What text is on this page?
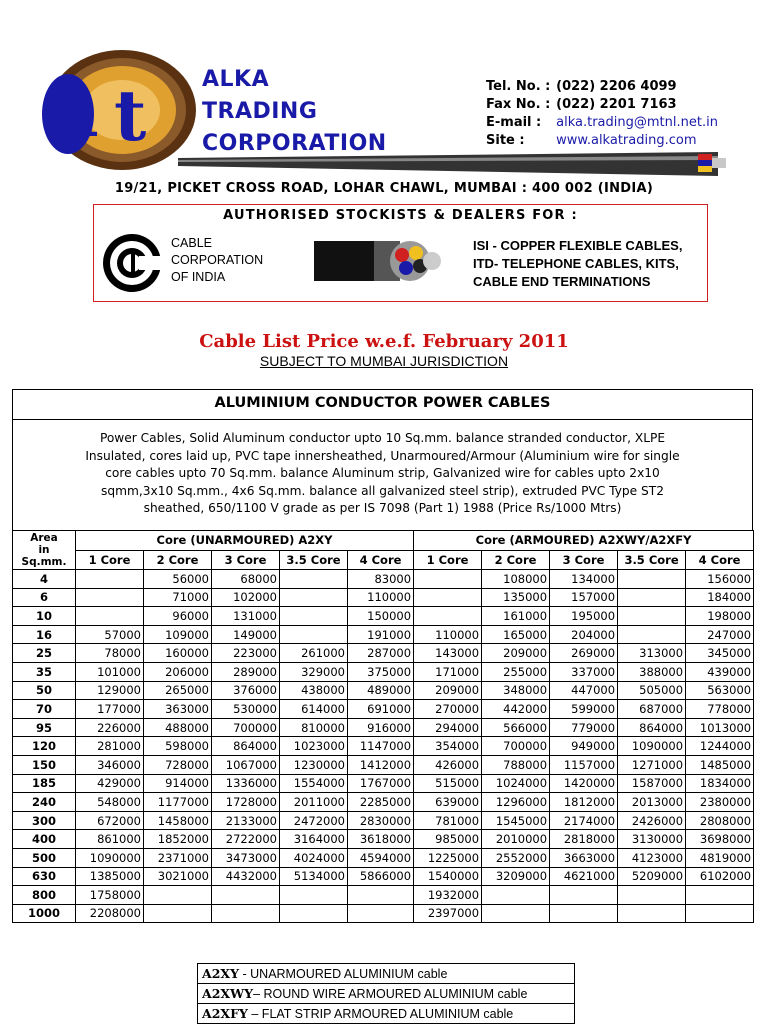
a t	ALKA
TRADING
CORPORATION
Tel. No. : (022) 2206 4099
Fax No. : (022) 2201 7163
E-mail : alka.trading@mtnl.net.in
Site : www.alkatrading.com
19/21, PICKET CROSS ROAD, LOHAR CHAWL, MUMBAI : 400 002 (INDIA)
AUTHORISED STOCKISTS & DEALERS FOR :
CABLE
CORPORATION
OF INDIA
ISI - COPPER FLEXIBLE CABLES,
ITD- TELEPHONE CABLES, KITS,
CABLE END TERMINATIONS
Cable List Price w.e.f. February 2011
SUBJECT TO MUMBAI JURISDICTION
ALUMINIUM CONDUCTOR POWER CABLES
Power Cables, Solid Aluminum conductor upto 10 Sq.mm. balance stranded conductor, XLPE
Insulated, cores laid up, PVC tape innersheathed, Unarmoured/Armour (Aluminium wire for single
core cables upto 70 Sq.mm. balance Aluminum strip, Galvanized wire for cables upto 2x10
sqmm,3x10 Sq.mm., 4x6 Sq.mm. balance all galvanized steel strip), extruded PVC Type ST2
sheathed, 650/1100 V grade as per IS 7098 (Part 1) 1988 (Price Rs/1000 Mtrs)
Area
in
Sq.mm.	Core (UNARMOURED) A2XY					Core (ARMOURED) A2XWY/A2XFY				
	1 Core	2 Core	3 Core	3.5 Core	4 Core	1 Core	2 Core	3 Core	3.5 Core	4 Core
4		56000	68000		83000		108000	134000		156000
6		71000	102000		110000		135000	157000		184000
10		96000	131000		150000		161000	195000		198000
16	57000	109000	149000		191000	110000	165000	204000		247000
25	78000	160000	223000	261000	287000	143000	209000	269000	313000	345000
35	101000	206000	289000	329000	375000	171000	255000	337000	388000	439000
50	129000	265000	376000	438000	489000	209000	348000	447000	505000	563000
70	177000	363000	530000	614000	691000	270000	442000	599000	687000	778000
95	226000	488000	700000	810000	916000	294000	566000	779000	864000	1013000
120	281000	598000	864000	1023000	1147000	354000	700000	949000	1090000	1244000
150	346000	728000	1067000	1230000	1412000	426000	788000	1157000	1271000	1485000
185	429000	914000	1336000	1554000	1767000	515000	1024000	1420000	1587000	1834000
240	548000	1177000	1728000	2011000	2285000	639000	1296000	1812000	2013000	2380000
300	672000	1458000	2133000	2472000	2830000	781000	1545000	2174000	2426000	2808000
400	861000	1852000	2722000	3164000	3618000	985000	2010000	2818000	3130000	3698000
500	1090000	2371000	3473000	4024000	4594000	1225000	2552000	3663000	4123000	4819000
630	1385000	3021000	4432000	5134000	5866000	1540000	3209000	4621000	5209000	6102000
800	1758000					1932000				
1000	2208000					2397000				
A2XY - UNARMOURED ALUMINIUM cable
A2XWY– ROUND WIRE ARMOURED ALUMINIUM cable
A2XFY – FLAT STRIP ARMOURED ALUMINIUM cable
